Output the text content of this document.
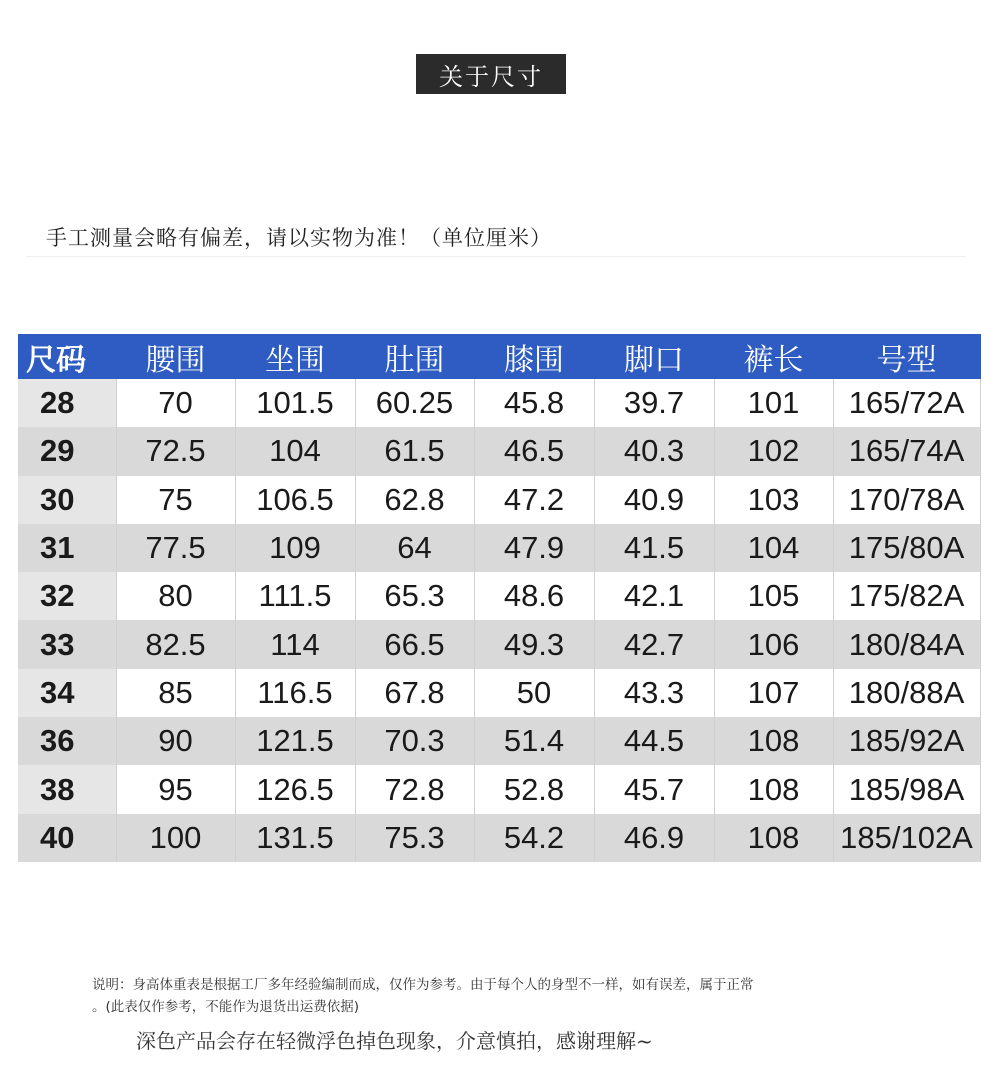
关于尺寸
手工测量会略有偏差，请以实物为准！（单位厘米）
尺码	腰围	坐围	肚围	膝围	脚口	裤长	号型
28	70	101.5	60.25	45.8	39.7	101	165/72A
29	72.5	104	61.5	46.5	40.3	102	165/74A
30	75	106.5	62.8	47.2	40.9	103	170/78A
31	77.5	109	64	47.9	41.5	104	175/80A
32	80	111.5	65.3	48.6	42.1	105	175/82A
33	82.5	114	66.5	49.3	42.7	106	180/84A
34	85	116.5	67.8	50	43.3	107	180/88A
36	90	121.5	70.3	51.4	44.5	108	185/92A
38	95	126.5	72.8	52.8	45.7	108	185/98A
40	100	131.5	75.3	54.2	46.9	108	185/102A
说明：身高体重表是根据工厂多年经验编制而成，仅作为参考。由于每个人的身型不一样，如有误差，属于正常
。(此表仅作参考，不能作为退货出运费依据)
深色产品会存在轻微浮色掉色现象，介意慎拍，感谢理解~
